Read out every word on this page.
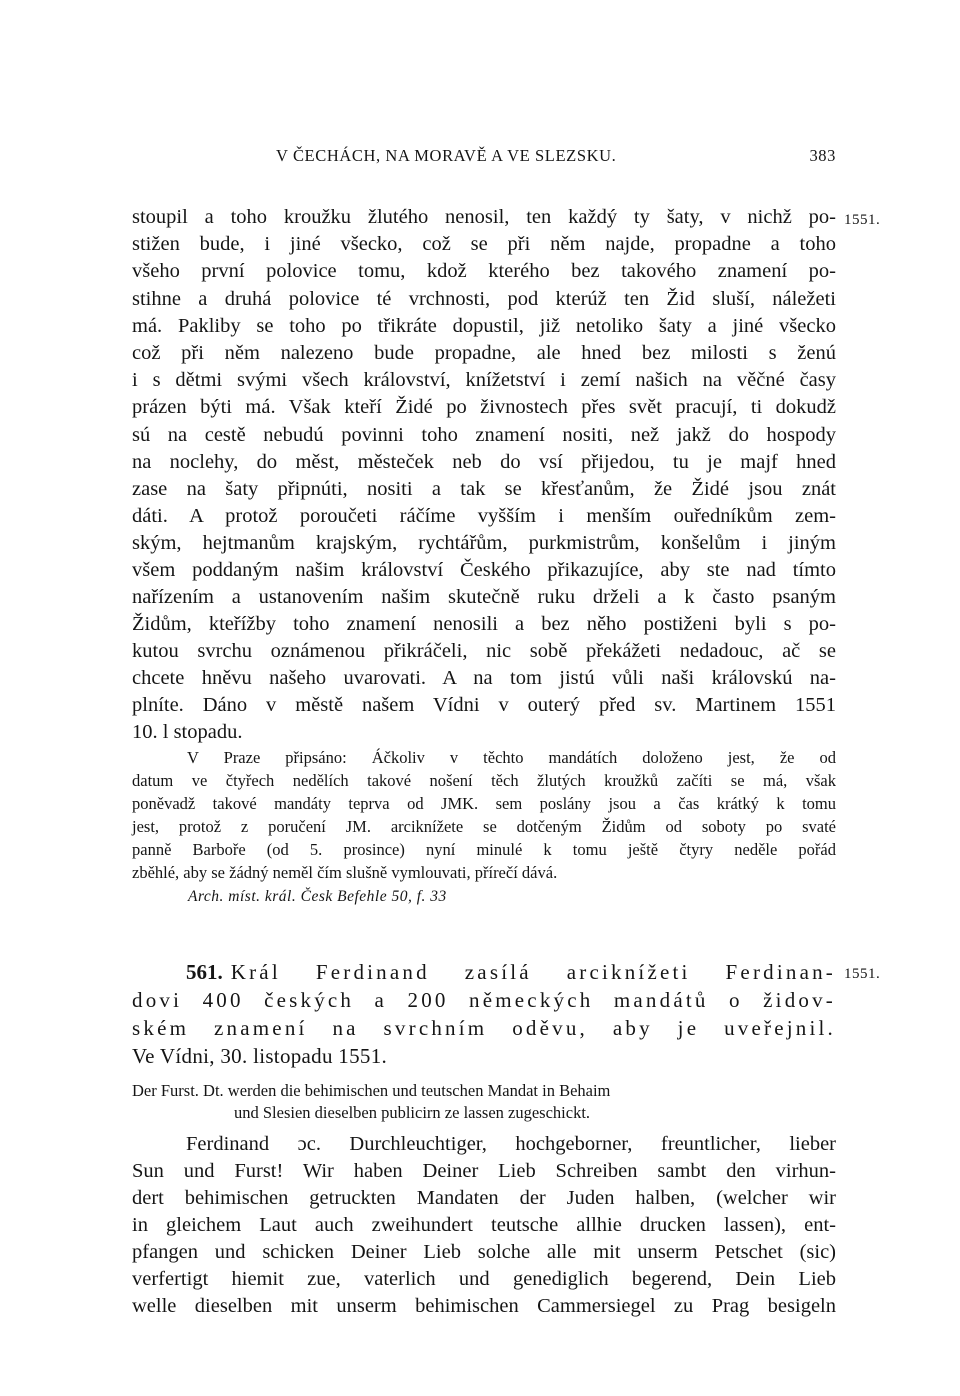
V ČECHÁCH, NA MORAVĚ A VE SLEZSKU.	383
1551.
stoupil a toho kroužku žlutého nenosil, ten každý ty šaty, v nichž po-
stižen bude, i jiné všecko, což se při něm najde, propadne a toho
všeho první polovice tomu, kdož kterého bez takového znamení po-
stihne a druhá polovice té vrchnosti, pod kterúž ten Žid sluší, náležeti
má. Pakliby se toho po třikráte dopustil, již netoliko šaty a jiné všecko
což při něm nalezeno bude propadne, ale hned bez milosti s ženú
i s dětmi svými všech království, knížetství i zemí našich na věčné časy
prázen býti má. Však kteří Židé po živnostech přes svět pracují, ti dokudž
sú na cestě nebudú povinni toho znamení nositi, než jakž do hospody
na noclehy, do měst, městeček neb do vsí přijedou, tu je majf hned
zase na šaty připnúti, nositi a tak se křesťanům, že Židé jsou znát
dáti. A protož poroučeti ráčíme vyšším i menším ouředníkům zem-
ským, hejtmanům krajským, rychtářům, purkmistrům, konšelům i jiným
všem poddaným našim království Českého přikazujíce, aby ste nad tímto
nařízením a ustanovením našim skutečně ruku drželi a k často psaným
Židům, kteřížby toho znamení nenosili a bez něho postiženi byli s po-
kutou svrchu oznámenou přikráčeli, nic sobě překážeti nedadouc, ač se
chcete hněvu našeho uvarovati. A na tom jistú vůli naši královskú na-
plníte. Dáno v městě našem Vídni v outerý před sv. Martinem 1551
10. l stopadu.
V Praze připsáno: Áčkoliv v těchto mandátích doloženo jest, že od
datum ve čtyřech nedělích takové nošení těch žlutých kroužků začíti se má, však
poněvadž takové mandáty teprva od JMK. sem poslány jsou a čas krátký k tomu
jest, protož z poručení JM. arciknížete se dotčeným Židům od soboty po svaté
panně Barboře (od 5. prosince) nyní minulé k tomu ještě čtyry neděle pořád
zběhlé, aby se žádný neměl čím slušně vymlouvati, přírečí dává.
Arch. míst. král. Česk Befehle 50, f. 33
1551.
561. Král Ferdinand zasílá arciknížeti Ferdinan-
dovi 400 českých a 200 německých mandátů o židov-
ském znamení na svrchním oděvu, aby je uveřejnil.
Ve Vídni, 30. listopadu 1551.
Der Furst. Dt. werden die behimischen und teutschen Mandat in Behaim
und Slesien dieselben publicirn ze lassen zugeschickt.
Ferdinand ɔc. Durchleuchtiger, hochgeborner, freuntlicher, lieber
Sun und Furst! Wir haben Deiner Lieb Schreiben sambt den virhun-
dert behimischen getruckten Mandaten der Juden halben, (welcher wir
in gleichem Laut auch zweihundert teutsche allhie drucken lassen), ent-
pfangen und schicken Deiner Lieb solche alle mit unserm Petschet (sic)
verfertigt hiemit zue, vaterlich und genediglich begerend, Dein Lieb
welle dieselben mit unserm behimischen Cammersiegel zu Prag besigeln
